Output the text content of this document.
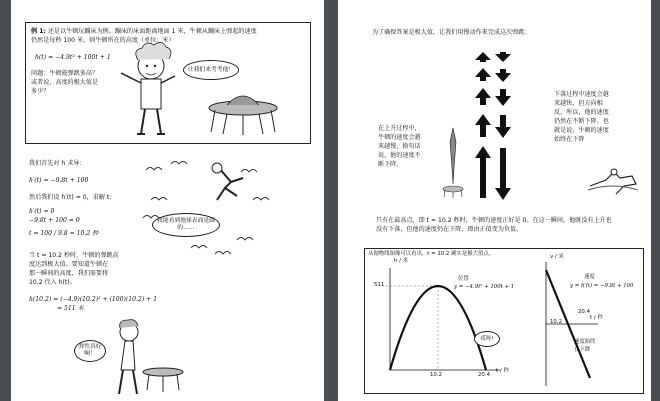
例 1: 还是以牛顿玩蹦床为例。蹦床的床面距离地面 1 米，牛顿从蹦床上弹起的速度
仍然是每秒 100 米，则牛顿所在的高度（单位：米）
h(t) = −4.9t² + 100t + 1
问题：牛顿能弹跳多高？
或者说，高度的极大值是
多少？
让我们来考考他！
我们首先对 h 求导：
h′(t) = −9.8t + 100
然后我们设 h′(t) = 0，求解 t:
h′(t) = 0
−9.8t + 100 = 0
t = 100 / 9.8 ≈ 10.2 秒
我能看到地球表面是圆的……
当 t = 10.2 秒时，牛顿的弹跳高
度达到极大值。要知道牛顿在
那一瞬间的高度，我们需要将
10.2 代入 h(t)。
h(10.2) = (−4.9)(10.2)² + (100)(10.2) + 1
≈ 511 米
弹性真好啊！
为了确保答案是极大值，让我们用慢动作来完成这次弹跳：
在上升过程中，
牛顿的速度会越
来越慢，换句话
说，他的速度不
断下降。
下落过程中速度会越
来越快，但方向相
反。所以，他的速度
仍然在不断下降。也
就是说，牛顿的速度
始终在下降
只有在最高点，即 t = 10.2 秒时，牛顿的速度正好是 0。在这一瞬间，他既没有上升也
没有下落，但他的速度仍在下降，即由正值变为负值。
从抛物线图像可以看出，t = 10.2 确实是极大值点。
h / 米
511
位置
y = −4.9t² + 100t + 1
哎呀!
10.2	20.4
t / 秒
v / 米
速度
y = h′(t) = −9.8t + 100
20.4
10.2
t / 秒
速度始终
在下降
